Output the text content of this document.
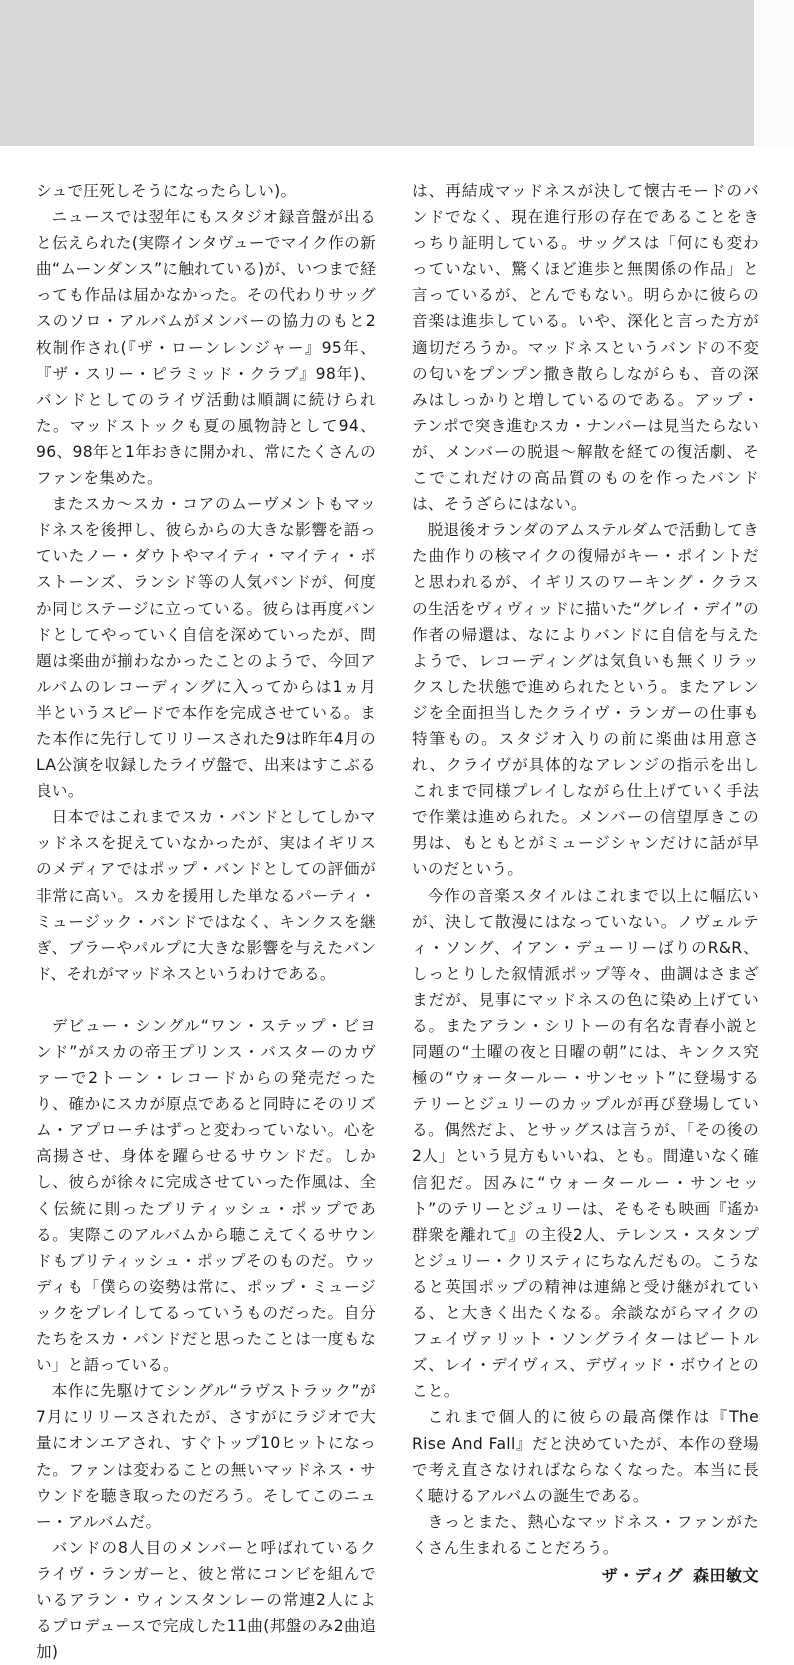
シュで圧死しそうになったらしい)。

ニュースでは翌年にもスタジオ録音盤が出ると伝えられた(実際インタヴューでマイク作の新曲“ムーンダンス”に触れている)が、いつまで経っても作品は届かなかった。その代わりサッグスのソロ・アルバムがメンバーの協力のもと2枚制作され(『ザ・ローンレンジャー』95年、『ザ・スリー・ピラミッド・クラブ』98年)、バンドとしてのライヴ活動は順調に続けられた。マッドストックも夏の風物詩として94、96、98年と1年おきに開かれ、常にたくさんのファンを集めた。

またスカ〜スカ・コアのムーヴメントもマッドネスを後押し、彼らからの大きな影響を語っていたノー・ダウトやマイティ・マイティ・ボストーンズ、ランシド等の人気バンドが、何度か同じステージに立っている。彼らは再度バンドとしてやっていく自信を深めていったが、問題は楽曲が揃わなかったことのようで、今回アルバムのレコーディングに入ってからは1ヵ月半というスピードで本作を完成させている。また本作に先行してリリースされた9は昨年4月のLA公演を収録したライヴ盤で、出来はすこぶる良い。

日本ではこれまでスカ・バンドとしてしかマッドネスを捉えていなかったが、実はイギリスのメディアではポップ・バンドとしての評価が非常に高い。スカを援用した単なるパーティ・ミュージック・バンドではなく、キンクスを継ぎ、ブラーやパルプに大きな影響を与えたバンド、それがマッドネスというわけである。

デビュー・シングル“ワン・ステップ・ビヨンド”がスカの帝王プリンス・バスターのカヴァーで2トーン・レコードからの発売だったり、確かにスカが原点であると同時にそのリズム・アプローチはずっと変わっていない。心を高揚させ、身体を躍らせるサウンドだ。しかし、彼らが徐々に完成させていった作風は、全く伝統に則ったブリティッシュ・ポップである。実際このアルバムから聴こえてくるサウンドもブリティッシュ・ポップそのものだ。ウッディも「僕らの姿勢は常に、ポップ・ミュージックをプレイしてるっていうものだった。自分たちをスカ・バンドだと思ったことは一度もない」と語っている。

本作に先駆けてシングル“ラヴストラック”が7月にリリースされたが、さすがにラジオで大量にオンエアされ、すぐトップ10ヒットになった。ファンは変わることの無いマッドネス・サウンドを聴き取ったのだろう。そしてこのニュー・アルバムだ。

バンドの8人目のメンバーと呼ばれているクライヴ・ランガーと、彼と常にコンビを組んでいるアラン・ウィンスタンレーの常連2人によるプロデュースで完成した11曲(邦盤のみ2曲追加)

は、再結成マッドネスが決して懐古モードのバンドでなく、現在進行形の存在であることをきっちり証明している。サッグスは「何にも変わっていない、驚くほど進歩と無関係の作品」と言っているが、とんでもない。明らかに彼らの音楽は進歩している。いや、深化と言った方が適切だろうか。マッドネスというバンドの不変の匂いをプンプン撒き散らしながらも、音の深みはしっかりと増しているのである。アップ・テンポで突き進むスカ・ナンバーは見当たらないが、メンバーの脱退〜解散を経ての復活劇、そこでこれだけの高品質のものを作ったバンドは、そうざらにはない。

脱退後オランダのアムステルダムで活動してきた曲作りの核マイクの復帰がキー・ポイントだと思われるが、イギリスのワーキング・クラスの生活をヴィヴィッドに描いた“グレイ・デイ”の作者の帰還は、なによりバンドに自信を与えたようで、レコーディングは気負いも無くリラックスした状態で進められたという。またアレンジを全面担当したクライヴ・ランガーの仕事も特筆もの。スタジオ入りの前に楽曲は用意され、クライヴが具体的なアレンジの指示を出しこれまで同様プレイしながら仕上げていく手法で作業は進められた。メンバーの信望厚きこの男は、もともとがミュージシャンだけに話が早いのだという。

今作の音楽スタイルはこれまで以上に幅広いが、決して散漫にはなっていない。ノヴェルティ・ソング、イアン・デューリーばりのR&R、しっとりした叙情派ポップ等々、曲調はさまざまだが、見事にマッドネスの色に染め上げている。またアラン・シリトーの有名な青春小説と同題の“土曜の夜と日曜の朝”には、キンクス究極の“ウォータールー・サンセット”に登場するテリーとジュリーのカップルが再び登場している。偶然だよ、とサッグスは言うが、「その後の2人」という見方もいいね、とも。間違いなく確信犯だ。因みに“ウォータールー・サンセット”のテリーとジュリーは、そもそも映画『遙か群衆を離れて』の主役2人、テレンス・スタンプとジュリー・クリスティにちなんだもの。こうなると英国ポップの精神は連綿と受け継がれている、と大きく出たくなる。余談ながらマイクのフェイヴァリット・ソングライターはビートルズ、レイ・デイヴィス、デヴィッド・ボウイとのこと。

これまで個人的に彼らの最高傑作は『The Rise And Fall』だと決めていたが、本作の登場で考え直さなければならなくなった。本当に長く聴けるアルバムの誕生である。

きっとまた、熱心なマッドネス・ファンがたくさん生まれることだろう。

ザ・ディグ 森田敏文
